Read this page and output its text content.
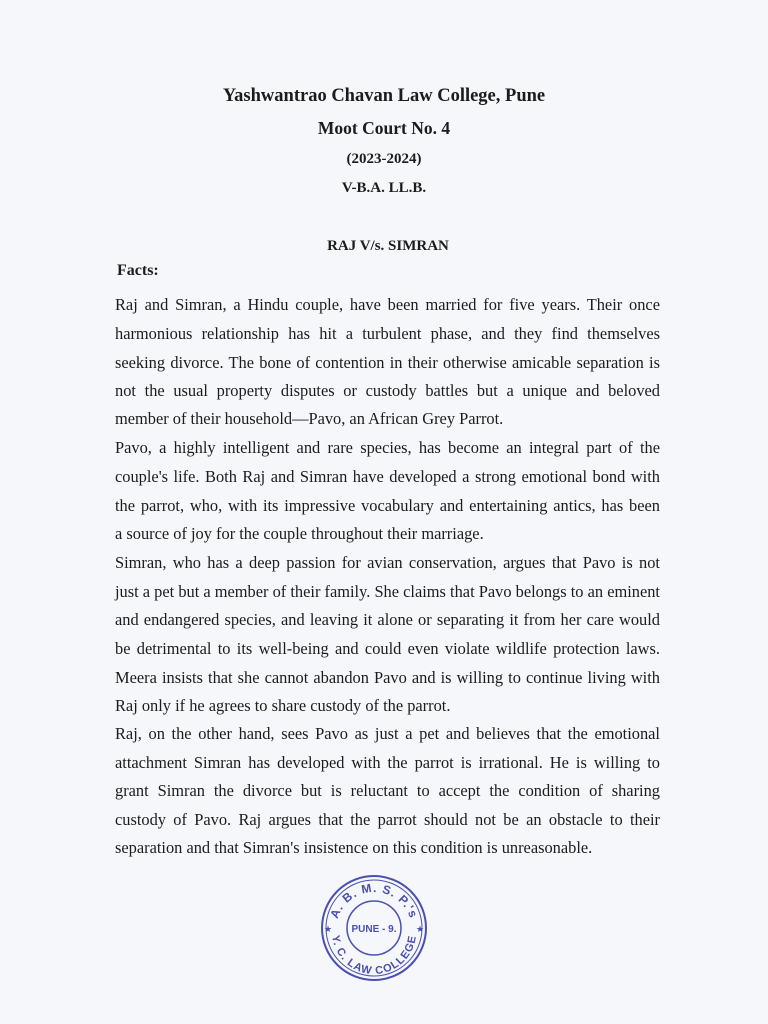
Yashwantrao Chavan Law College, Pune
Moot Court No. 4
(2023-2024)
V-B.A. LL.B.
RAJ V/s. SIMRAN
Facts:
Raj and Simran, a Hindu couple, have been married for five years. Their once
harmonious relationship has hit a turbulent phase, and they find themselves
seeking divorce. The bone of contention in their otherwise amicable separation is
not the usual property disputes or custody battles but a unique and beloved
member of their household—Pavo, an African Grey Parrot.
Pavo, a highly intelligent and rare species, has become an integral part of the
couple's life. Both Raj and Simran have developed a strong emotional bond with
the parrot, who, with its impressive vocabulary and entertaining antics, has been
a source of joy for the couple throughout their marriage.
Simran, who has a deep passion for avian conservation, argues that Pavo is not
just a pet but a member of their family. She claims that Pavo belongs to an eminent
and endangered species, and leaving it alone or separating it from her care would
be detrimental to its well-being and could even violate wildlife protection laws.
Meera insists that she cannot abandon Pavo and is willing to continue living with
Raj only if he agrees to share custody of the parrot.
Raj, on the other hand, sees Pavo as just a pet and believes that the emotional
attachment Simran has developed with the parrot is irrational. He is willing to
grant Simran the divorce but is reluctant to accept the condition of sharing
custody of Pavo. Raj argues that the parrot should not be an obstacle to their
separation and that Simran's insistence on this condition is unreasonable.
A. B. M. S. P.'s
Y. C. LAW COLLEGE
PUNE - 9.
★	★
